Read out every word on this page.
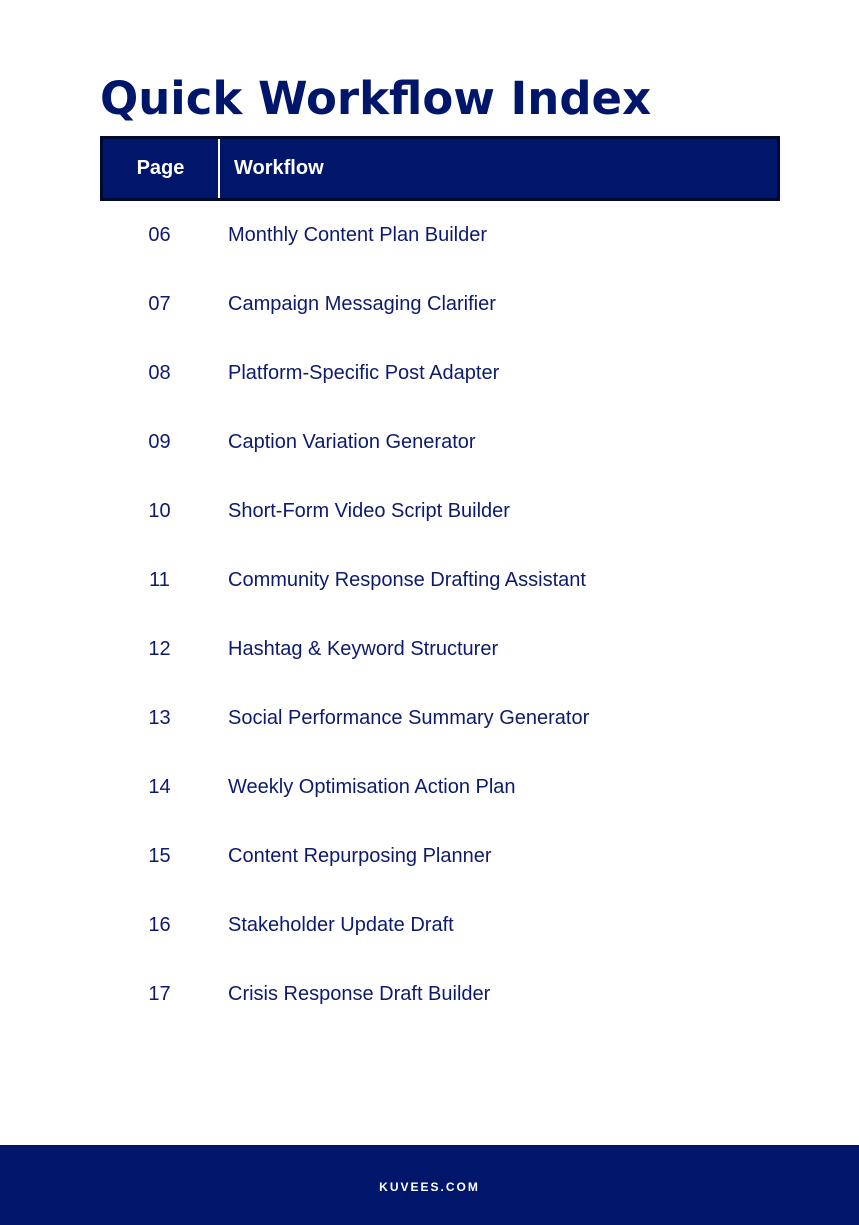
Quick Workflow Index
Page	Workflow
06	Monthly Content Plan Builder
07	Campaign Messaging Clarifier
08	Platform-Specific Post Adapter
09	Caption Variation Generator
10	Short-Form Video Script Builder
11	Community Response Drafting Assistant
12	Hashtag & Keyword Structurer
13	Social Performance Summary Generator
14	Weekly Optimisation Action Plan
15	Content Repurposing Planner
16	Stakeholder Update Draft
17	Crisis Response Draft Builder
KUVEES.COM
